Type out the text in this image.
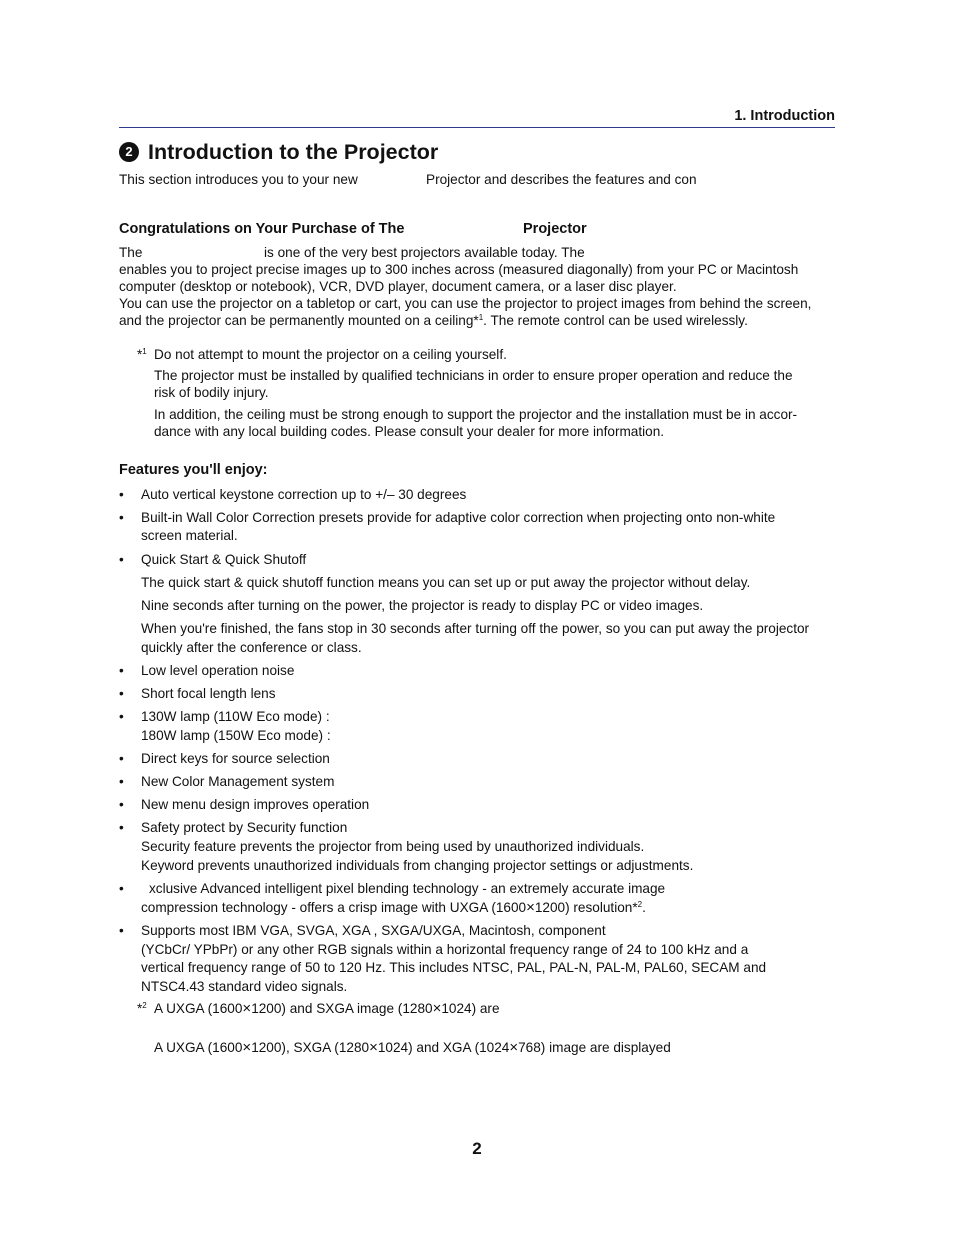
1. Introduction
2 Introduction to the Projector
This section introduces you to your new	Projector and describes the features and con
Congratulations on Your Purchase of The	Projector
The	is one of the very best projectors available today. The
enables you to project precise images up to 300 inches across (measured diagonally) from your PC or Macintosh
computer (desktop or notebook), VCR, DVD player, document camera, or a laser disc player.
You can use the projector on a tabletop or cart, you can use the projector to project images from behind the screen,
and the projector can be permanently mounted on a ceiling*$^1$. The remote control can be used wirelessly.
*$^1$ Do not attempt to mount the projector on a ceiling yourself.
The projector must be installed by qualified technicians in order to ensure proper operation and reduce the
risk of bodily injury.
In addition, the ceiling must be strong enough to support the projector and the installation must be in accor-
dance with any local building codes. Please consult your dealer for more information.
Features you'll enjoy:
• Auto vertical keystone correction up to +/– 30 degrees
• Built-in Wall Color Correction presets provide for adaptive color correction when projecting onto non-white
screen material.
• Quick Start & Quick Shutoff
The quick start & quick shutoff function means you can set up or put away the projector without delay.
Nine seconds after turning on the power, the projector is ready to display PC or video images.
When you're finished, the fans stop in 30 seconds after turning off the power, so you can put away the projector
quickly after the conference or class.
• Low level operation noise
• Short focal length lens
• 130W lamp (110W Eco mode) :
180W lamp (150W Eco mode) :
• Direct keys for source selection
• New Color Management system
• New menu design improves operation
• Safety protect by Security function
Security feature prevents the projector from being used by unauthorized individuals.
Keyword prevents unauthorized individuals from changing projector settings or adjustments.
• xclusive Advanced intelligent pixel blending technology - an extremely accurate image
compression technology - offers a crisp image with UXGA (1600×1200) resolution*$^2$.
• Supports most IBM VGA, SVGA, XGA , SXGA/UXGA, Macintosh, component
(YCbCr/ YPbPr) or any other RGB signals within a horizontal frequency range of 24 to 100 kHz and a
vertical frequency range of 50 to 120 Hz. This includes NTSC, PAL, PAL-N, PAL-M, PAL60, SECAM and
NTSC4.43 standard video signals.
*$^2$ A UXGA (1600×1200) and SXGA image (1280×1024) are
A UXGA (1600×1200), SXGA (1280×1024) and XGA (1024×768) image are displayed
2
